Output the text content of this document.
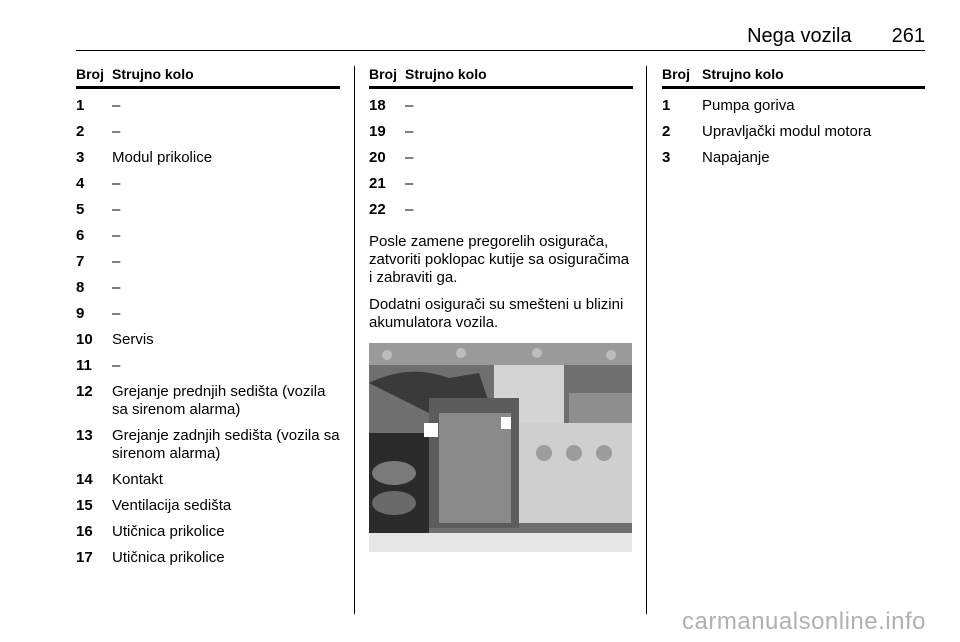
Nega vozila 261
Broj Strujno kolo
1	–
2	–
3	Modul prikolice
4	–
5	–
6	–
7	–
8	–
9	–
10	Servis
11	–
12	Grejanje prednjih sedišta (vozila sa sirenom alarma)
13	Grejanje zadnjih sedišta (vozila sa sirenom alarma)
14	Kontakt
15	Ventilacija sedišta
16	Utičnica prikolice
17	Utičnica prikolice
Broj Strujno kolo
18	–
19	–
20	–
21	–
22	–
Posle zamene pregorelih osigurača, zatvoriti poklopac kutije sa osiguračima i zabraviti ga.
Dodatni osigurači su smešteni u blizini akumulatora vozila.
Broj Strujno kolo
1	Pumpa goriva
2	Upravljački modul motora
3	Napajanje
carmanualsonline.info
